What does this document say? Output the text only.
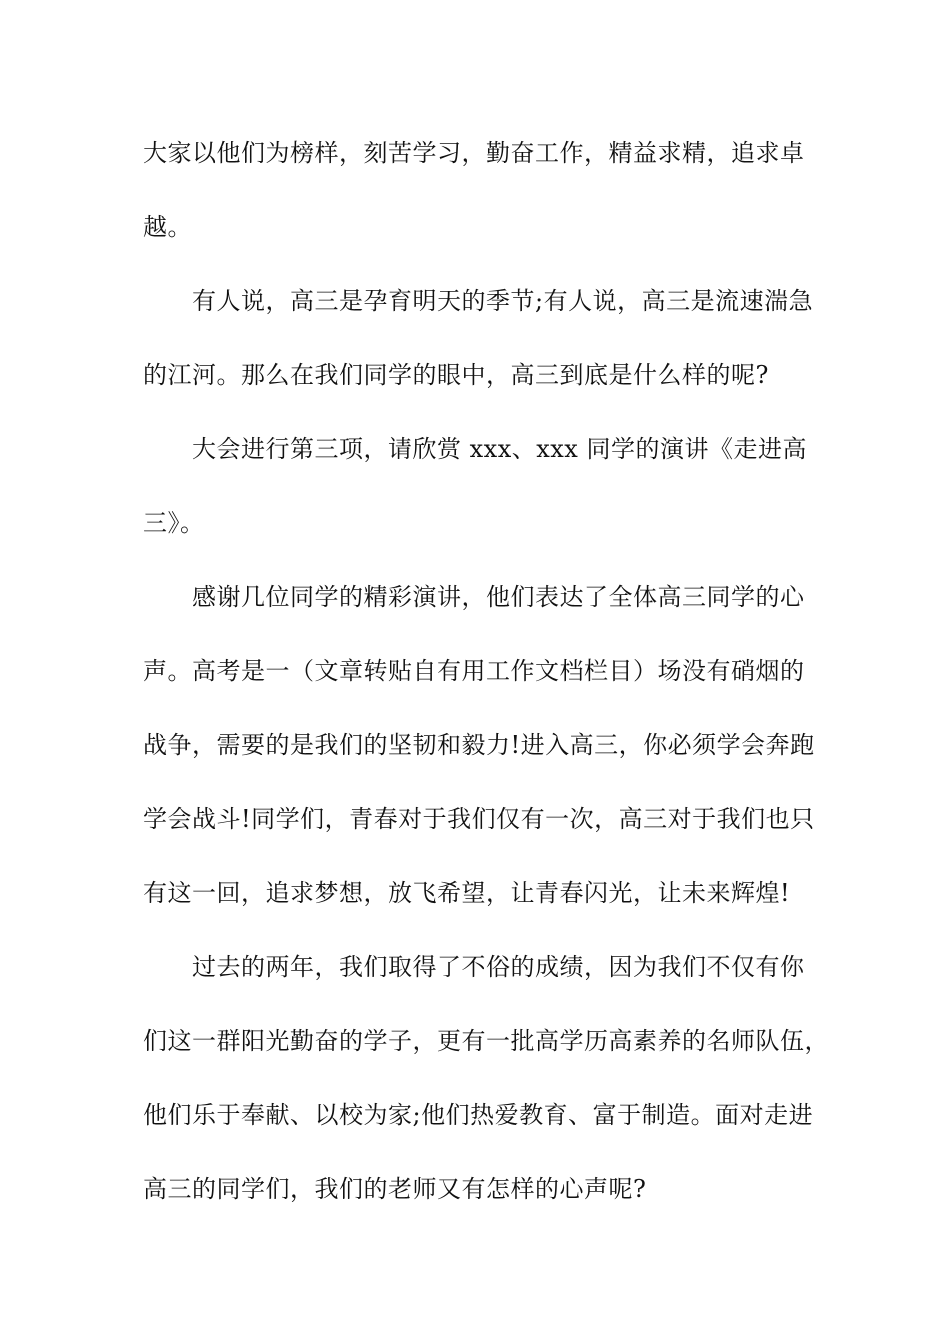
大家以他们为榜样，刻苦学习，勤奋工作，精益求精，追求卓
越。
有人说，高三是孕育明天的季节;有人说，高三是流速湍急
的江河。那么在我们同学的眼中，高三到底是什么样的呢?
大会进行第三项，请欣赏 xxx、xxx 同学的演讲《走进高
三》。
感谢几位同学的精彩演讲，他们表达了全体高三同学的心
声。高考是一（文章转贴自有用工作文档栏目）场没有硝烟的
战争，需要的是我们的坚韧和毅力!进入高三，你必须学会奔跑
学会战斗!同学们，青春对于我们仅有一次，高三对于我们也只
有这一回，追求梦想，放飞希望，让青春闪光，让未来辉煌!
过去的两年，我们取得了不俗的成绩，因为我们不仅有你
们这一群阳光勤奋的学子，更有一批高学历高素养的名师队伍，
他们乐于奉献、以校为家;他们热爱教育、富于制造。面对走进
高三的同学们，我们的老师又有怎样的心声呢?
